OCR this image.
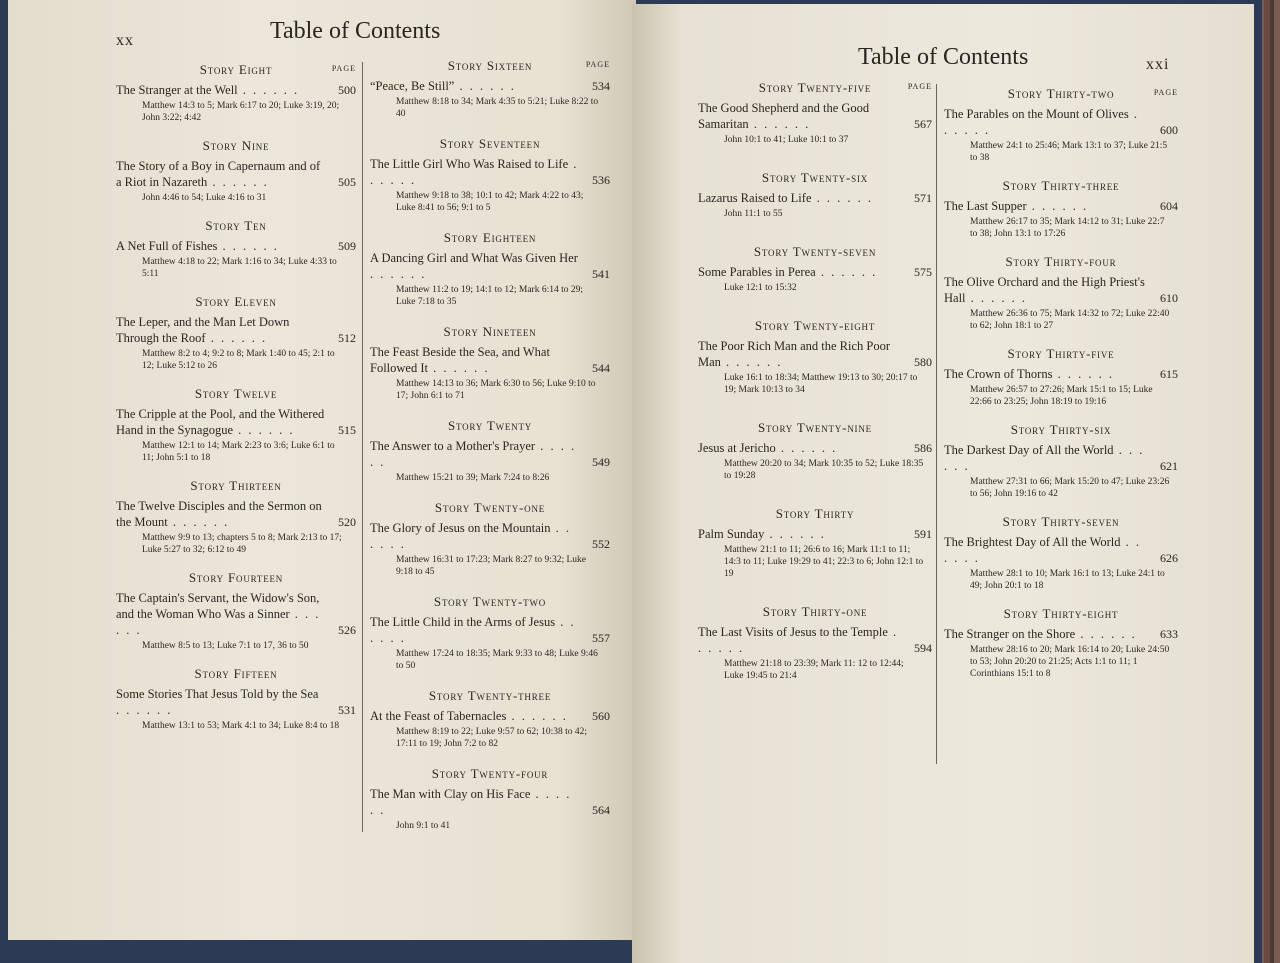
xx	Table of Contents
Story Eight	PAGE
The Stranger at the Well . . . . . .	500
Matthew 14:3 to 5; Mark 6:17 to 20; Luke 3:19, 20; John 3:22; 4:42
Story Nine
The Story of a Boy in Capernaum and of a Riot in Nazareth . . . . . .	505
John 4:46 to 54; Luke 4:16 to 31
Story Ten
A Net Full of Fishes . . . . . .	509
Matthew 4:18 to 22; Mark 1:16 to 34; Luke 4:33 to 5:11
Story Eleven
The Leper, and the Man Let Down Through the Roof . . . . . .	512
Matthew 8:2 to 4; 9:2 to 8; Mark 1:40 to 45; 2:1 to 12; Luke 5:12 to 26
Story Twelve
The Cripple at the Pool, and the Withered Hand in the Synagogue . . . . . .	515
Matthew 12:1 to 14; Mark 2:23 to 3:6; Luke 6:1 to 11; John 5:1 to 18
Story Thirteen
The Twelve Disciples and the Sermon on the Mount . . . . . .	520
Matthew 9:9 to 13; chapters 5 to 8; Mark 2:13 to 17; Luke 5:27 to 32; 6:12 to 49
Story Fourteen
The Captain's Servant, the Widow's Son, and the Woman Who Was a Sinner . . . . . .	526
Matthew 8:5 to 13; Luke 7:1 to 17, 36 to 50
Story Fifteen
Some Stories That Jesus Told by the Sea . . . . . .	531
Matthew 13:1 to 53; Mark 4:1 to 34; Luke 8:4 to 18
Story Sixteen	PAGE
“Peace, Be Still” . . . . . .	534
Matthew 8:18 to 34; Mark 4:35 to 5:21; Luke 8:22 to 40
Story Seventeen
The Little Girl Who Was Raised to Life . . . . . .	536
Matthew 9:18 to 38; 10:1 to 42; Mark 4:22 to 43; Luke 8:41 to 56; 9:1 to 5
Story Eighteen
A Dancing Girl and What Was Given Her . . . . . .	541
Matthew 11:2 to 19; 14:1 to 12; Mark 6:14 to 29; Luke 7:18 to 35
Story Nineteen
The Feast Beside the Sea, and What Followed It . . . . . .	544
Matthew 14:13 to 36; Mark 6:30 to 56; Luke 9:10 to 17; John 6:1 to 71
Story Twenty
The Answer to a Mother's Prayer . . . . . .	549
Matthew 15:21 to 39; Mark 7:24 to 8:26
Story Twenty-one
The Glory of Jesus on the Mountain . . . . . .	552
Matthew 16:31 to 17:23; Mark 8:27 to 9:32; Luke 9:18 to 45
Story Twenty-two
The Little Child in the Arms of Jesus . . . . . .	557
Matthew 17:24 to 18:35; Mark 9:33 to 48; Luke 9:46 to 50
Story Twenty-three
At the Feast of Tabernacles . . . . . . 560
Matthew 8:19 to 22; Luke 9:57 to 62; 10:38 to 42; 17:11 to 19; John 7:2 to 82
Story Twenty-four
The Man with Clay on His Face . . . . . .	564
John 9:1 to 41
Table of Contents	xxi
Story Twenty-five	PAGE
The Good Shepherd and the Good Samaritan . . . . . .	567
John 10:1 to 41; Luke 10:1 to 37
Story Twenty-six
Lazarus Raised to Life . . . . . .	571
John 11:1 to 55
Story Twenty-seven
Some Parables in Perea . . . . . .	575
Luke 12:1 to 15:32
Story Twenty-eight
The Poor Rich Man and the Rich Poor Man . . . . . .	580
Luke 16:1 to 18:34; Matthew 19:13 to 30; 20:17 to 19; Mark 10:13 to 34
Story Twenty-nine
Jesus at Jericho . . . . . .	586
Matthew 20:20 to 34; Mark 10:35 to 52; Luke 18:35 to 19:28
Story Thirty
Palm Sunday . . . . . .	591
Matthew 21:1 to 11; 26:6 to 16; Mark 11:1 to 11; 14:3 to 11; Luke 19:29 to 41; 22:3 to 6; John 12:1 to 19
Story Thirty-one
The Last Visits of Jesus to the Temple . . . . . .	594
Matthew 21:18 to 23:39; Mark 11: 12 to 12:44; Luke 19:45 to 21:4
Story Thirty-two	PAGE
The Parables on the Mount of Olives . . . . . .	600
Matthew 24:1 to 25:46; Mark 13:1 to 37; Luke 21:5 to 38
Story Thirty-three
The Last Supper . . . . . .	604
Matthew 26:17 to 35; Mark 14:12 to 31; Luke 22:7 to 38; John 13:1 to 17:26
Story Thirty-four
The Olive Orchard and the High Priest's Hall . . . . . .	610
Matthew 26:36 to 75; Mark 14:32 to 72; Luke 22:40 to 62; John 18:1 to 27
Story Thirty-five
The Crown of Thorns . . . . . .	615
Matthew 26:57 to 27:26; Mark 15:1 to 15; Luke 22:66 to 23:25; John 18:19 to 19:16
Story Thirty-six
The Darkest Day of All the World . . . . . .	621
Matthew 27:31 to 66; Mark 15:20 to 47; Luke 23:26 to 56; John 19:16 to 42
Story Thirty-seven
The Brightest Day of All the World . . . . . .	626
Matthew 28:1 to 10; Mark 16:1 to 13; Luke 24:1 to 49; John 20:1 to 18
Story Thirty-eight
The Stranger on the Shore . . . . . . 633
Matthew 28:16 to 20; Mark 16:14 to 20; Luke 24:50 to 53; John 20:20 to 21:25; Acts 1:1 to 11; 1 Corinthians 15:1 to 8
